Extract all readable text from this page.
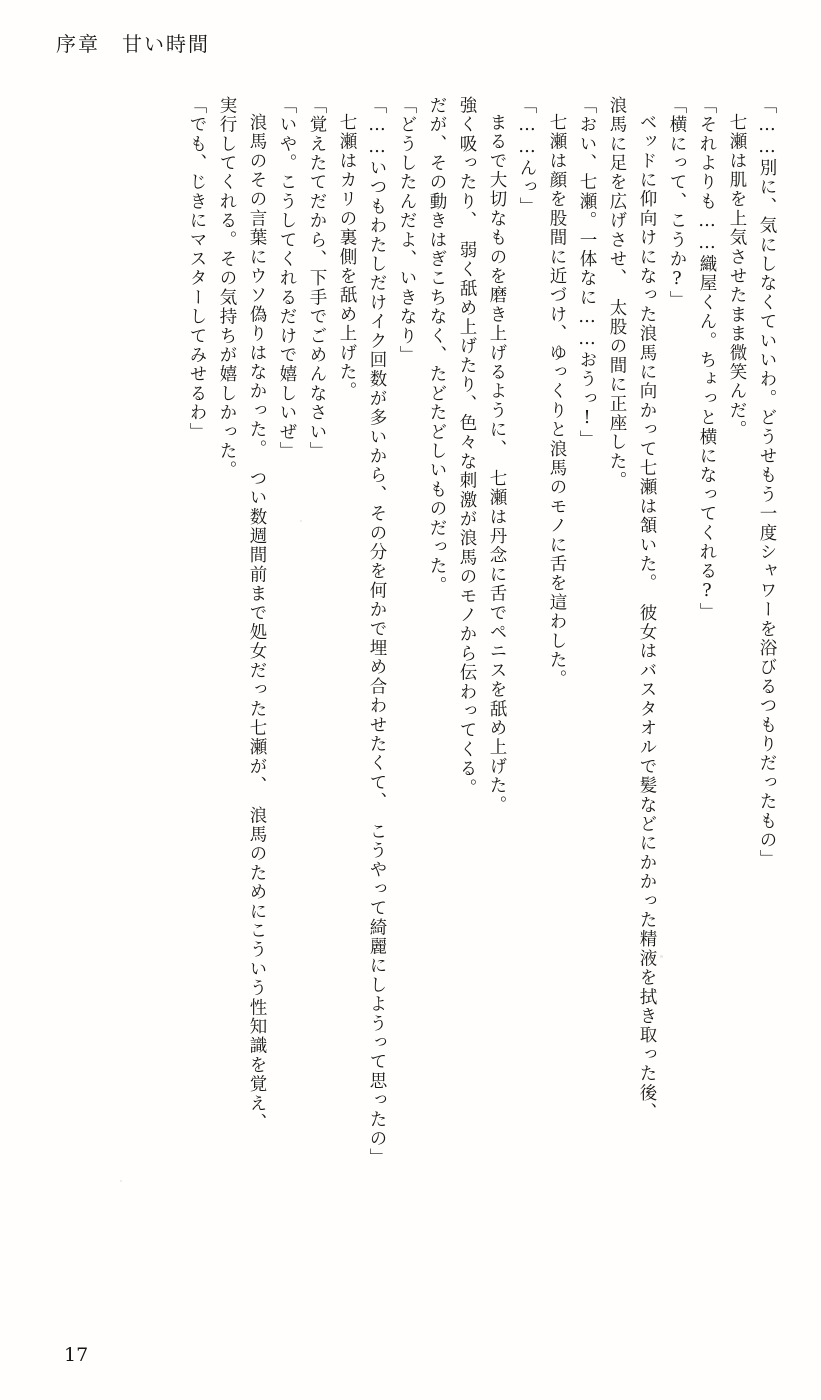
序章 甘い時間
「……別に、気にしなくていいわ。どうせもう一度シャワーを浴びるつもりだったもの」
七瀬は肌を上気させたまま微笑んだ。
「それよりも……織屋くん。ちょっと横になってくれる?」
「横にって、こうか?」
ベッドに仰向けになった浪馬に向かって七瀬は頷いた。　彼女はバスタオルで髪などにかかった精液を拭き取った後、
浪馬に足を広げさせ、　太股の間に正座した。
「おい、七瀬。一体なに……おうっ!」
七瀬は顔を股間に近づけ、ゆっくりと浪馬のモノに舌を這わした。
「……んっ」
まるで大切なものを磨き上げるように、　七瀬は丹念に舌でペニスを舐め上げた。
強く吸ったり、　弱く舐め上げたり、色々な刺激が浪馬のモノから伝わってくる。
だが、その動きはぎこちなく、たどたどしいものだった。
「どうしたんだよ、いきなり」
「……いつもわたしだけイク回数が多いから、その分を何かで埋め合わせたくて、　こうやって綺麗にしようって思ったの」
七瀬はカリの裏側を舐め上げた。
「覚えたてだから、下手でごめんなさい」
「いや。こうしてくれるだけで嬉しいぜ」
浪馬のその言葉にウソ偽りはなかった。　つい数週間前まで処女だった七瀬が、　浪馬のためにこういう性知識を覚え、
実行してくれる。その気持ちが嬉しかった。
「でも、じきにマスターしてみせるわ」
17
